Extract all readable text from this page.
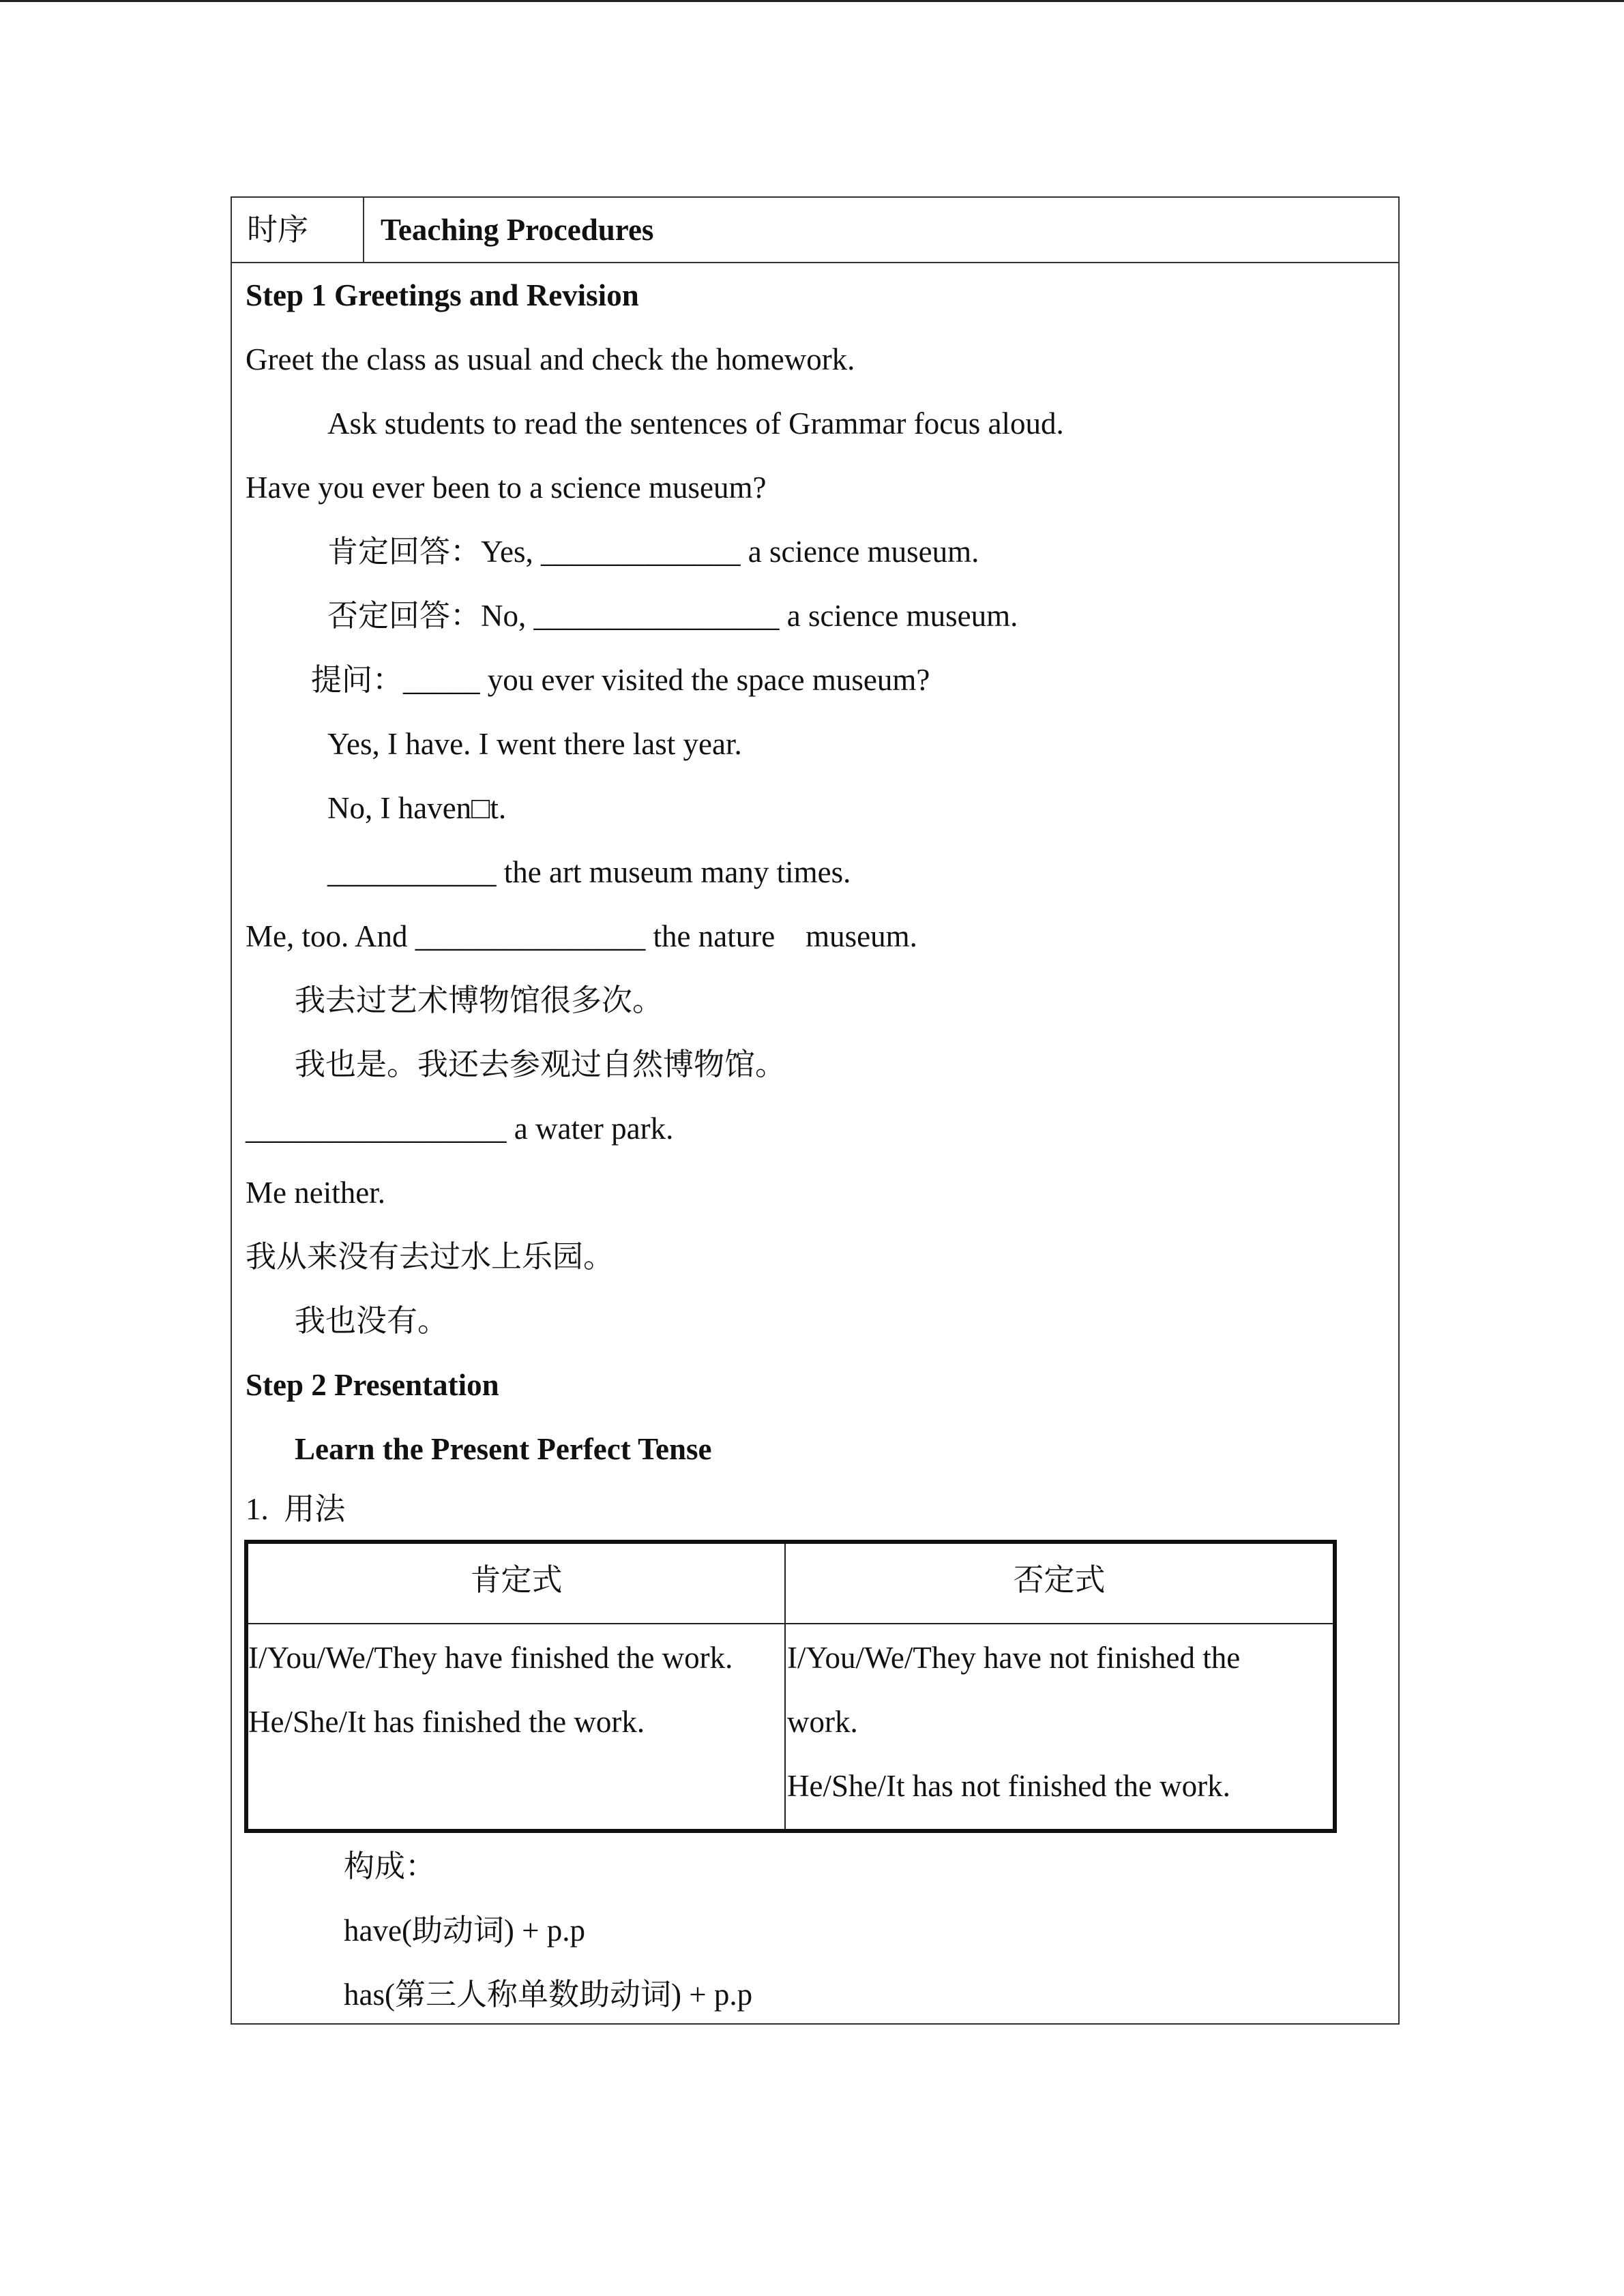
时序 Teaching Procedures
Step 1 Greetings and Revision
Greet the class as usual and check the homework.
Ask students to read the sentences of Grammar focus aloud.
Have you ever been to a science museum?
肯定回答：Yes, _____________ a science museum.
否定回答：No, ________________ a science museum.
提问：_____ you ever visited the space museum?
Yes, I have. I went there last year.
No, I haven□t.
___________ the art museum many times.
Me, too. And _______________ the nature    museum.
我去过艺术博物馆很多次。
我也是。我还去参观过自然博物馆。
_________________ a water park.
Me neither.
我从来没有去过水上乐园。
我也没有。
Step 2 Presentation
Learn the Present Perfect Tense
1.  用法
肯定式	否定式
I/You/We/They have finished the work.
He/She/It has finished the work.
I/You/We/They have not finished the
work.
He/She/It has not finished the work.
构成：
have(助动词) + p.p
has(第三人称单数助动词) + p.p
